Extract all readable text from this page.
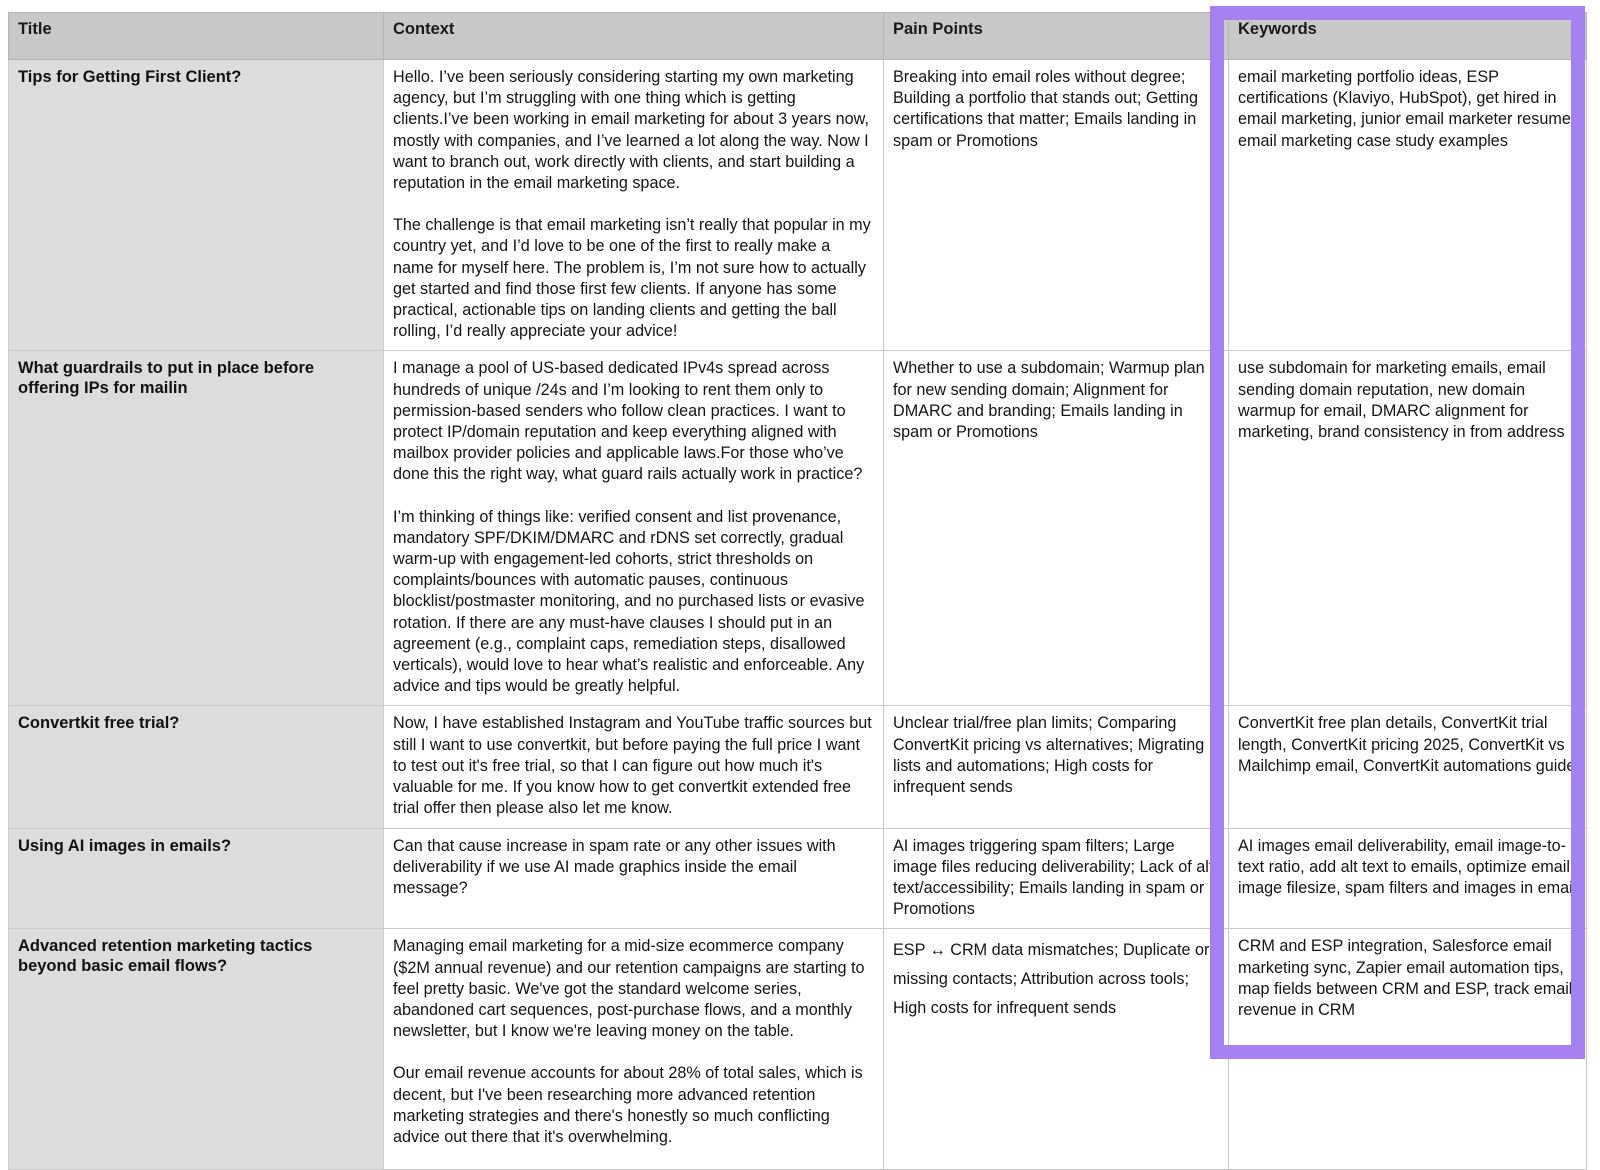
Title	Context	Pain Points	Keywords
Tips for Getting First Client?	Hello. I’ve been seriously considering starting my own marketing agency, but I’m struggling with one thing which is getting clients.I’ve been working in email marketing for about 3 years now, mostly with companies, and I’ve learned a lot along the way. Now I want to branch out, work directly with clients, and start building a reputation in the email marketing space.

The challenge is that email marketing isn’t really that popular in my country yet, and I’d love to be one of the first to really make a name for myself here. The problem is, I’m not sure how to actually get started and find those first few clients. If anyone has some practical, actionable tips on landing clients and getting the ball rolling, I’d really appreciate your advice!	Breaking into email roles without degree; Building a portfolio that stands out; Getting certifications that matter; Emails landing in spam or Promotions	email marketing portfolio ideas, ESP certifications (Klaviyo, HubSpot), get hired in email marketing, junior email marketer resume, email marketing case study examples

What guardrails to put in place before offering IPs for mailin	I manage a pool of US-based dedicated IPv4s spread across hundreds of unique /24s and I’m looking to rent them only to permission-based senders who follow clean practices. I want to protect IP/domain reputation and keep everything aligned with mailbox provider policies and applicable laws.For those who’ve done this the right way, what guard rails actually work in practice?

I’m thinking of things like: verified consent and list provenance, mandatory SPF/DKIM/DMARC and rDNS set correctly, gradual warm-up with engagement-led cohorts, strict thresholds on complaints/bounces with automatic pauses, continuous blocklist/postmaster monitoring, and no purchased lists or evasive rotation. If there are any must-have clauses I should put in an agreement (e.g., complaint caps, remediation steps, disallowed verticals), would love to hear what’s realistic and enforceable. Any advice and tips would be greatly helpful.	Whether to use a subdomain; Warmup plan for new sending domain; Alignment for DMARC and branding; Emails landing in spam or Promotions	use subdomain for marketing emails, email sending domain reputation, new domain warmup for email, DMARC alignment for marketing, brand consistency in from address

Convertkit free trial?	Now, I have established Instagram and YouTube traffic sources but still I want to use convertkit, but before paying the full price I want to test out it's free trial, so that I can figure out how much it's valuable for me. If you know how to get convertkit extended free trial offer then please also let me know.	Unclear trial/free plan limits; Comparing ConvertKit pricing vs alternatives; Migrating lists and automations; High costs for infrequent sends	ConvertKit free plan details, ConvertKit trial length, ConvertKit pricing 2025, ConvertKit vs Mailchimp email, ConvertKit automations guide

Using AI images in emails?	Can that cause increase in spam rate or any other issues with deliverability if we use AI made graphics inside the email message?	AI images triggering spam filters; Large image files reducing deliverability; Lack of alt text/accessibility; Emails landing in spam or Promotions	AI images email deliverability, email image-to-text ratio, add alt text to emails, optimize email image filesize, spam filters and images in email

Advanced retention marketing tactics beyond basic email flows?	Managing email marketing for a mid-size ecommerce company ($2M annual revenue) and our retention campaigns are starting to feel pretty basic. We've got the standard welcome series, abandoned cart sequences, post-purchase flows, and a monthly newsletter, but I know we're leaving money on the table.

Our email revenue accounts for about 28% of total sales, which is decent, but I've been researching more advanced retention marketing strategies and there's honestly so much conflicting advice out there that it's overwhelming.	ESP ↔ CRM data mismatches; Duplicate or missing contacts; Attribution across tools; High costs for infrequent sends	CRM and ESP integration, Salesforce email marketing sync, Zapier email automation tips, map fields between CRM and ESP, track email revenue in CRM
